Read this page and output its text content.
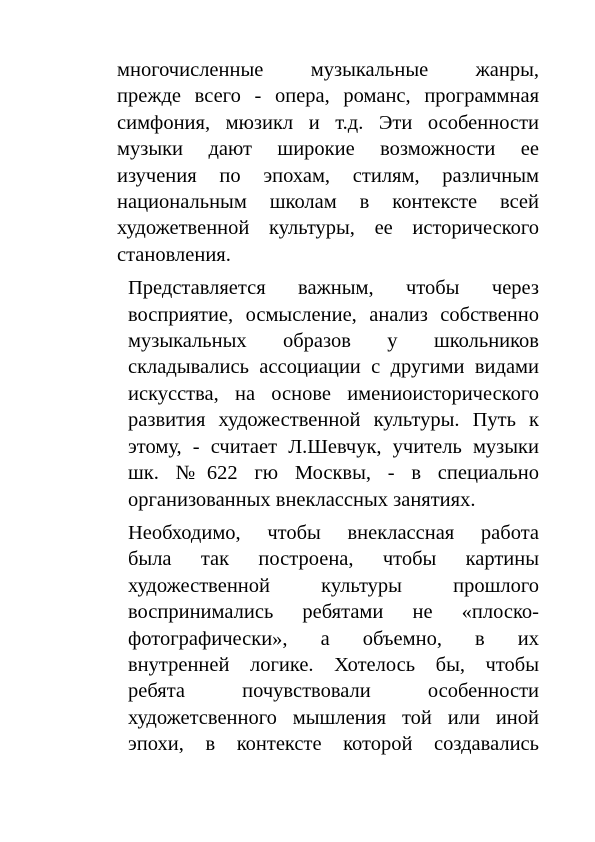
многочисленные музыкальные жанры,
прежде всего - опера, романс, программная
симфония, мюзикл и т.д. Эти особенности
музыки дают широкие возможности ее
изучения по эпохам, стилям, различным
национальным школам в контексте всей
художетвенной культуры, ее исторического
становления.

Представляется важным, чтобы через
восприятие, осмысление, анализ собственно
музыкальных образов у школьников
складывались ассоциации с другими видами
искусства, на основе имениоисторического
развития художественной культуры. Путь к
этому, - считает Л.Шевчук, учитель музыки
шк. №622 гю Москвы, - в специально
организованных внеклассных занятиях.

Необходимо, чтобы внеклассная работа
была так построена, чтобы картины
художественной культуры прошлого
воспринимались ребятами не «плоско-
фотографически», а объемно, в их
внутренней логике. Хотелось бы, чтобы
ребята почувствовали особенности
художетсвенного мышления той или иной
эпохи, в контексте которой создавались
